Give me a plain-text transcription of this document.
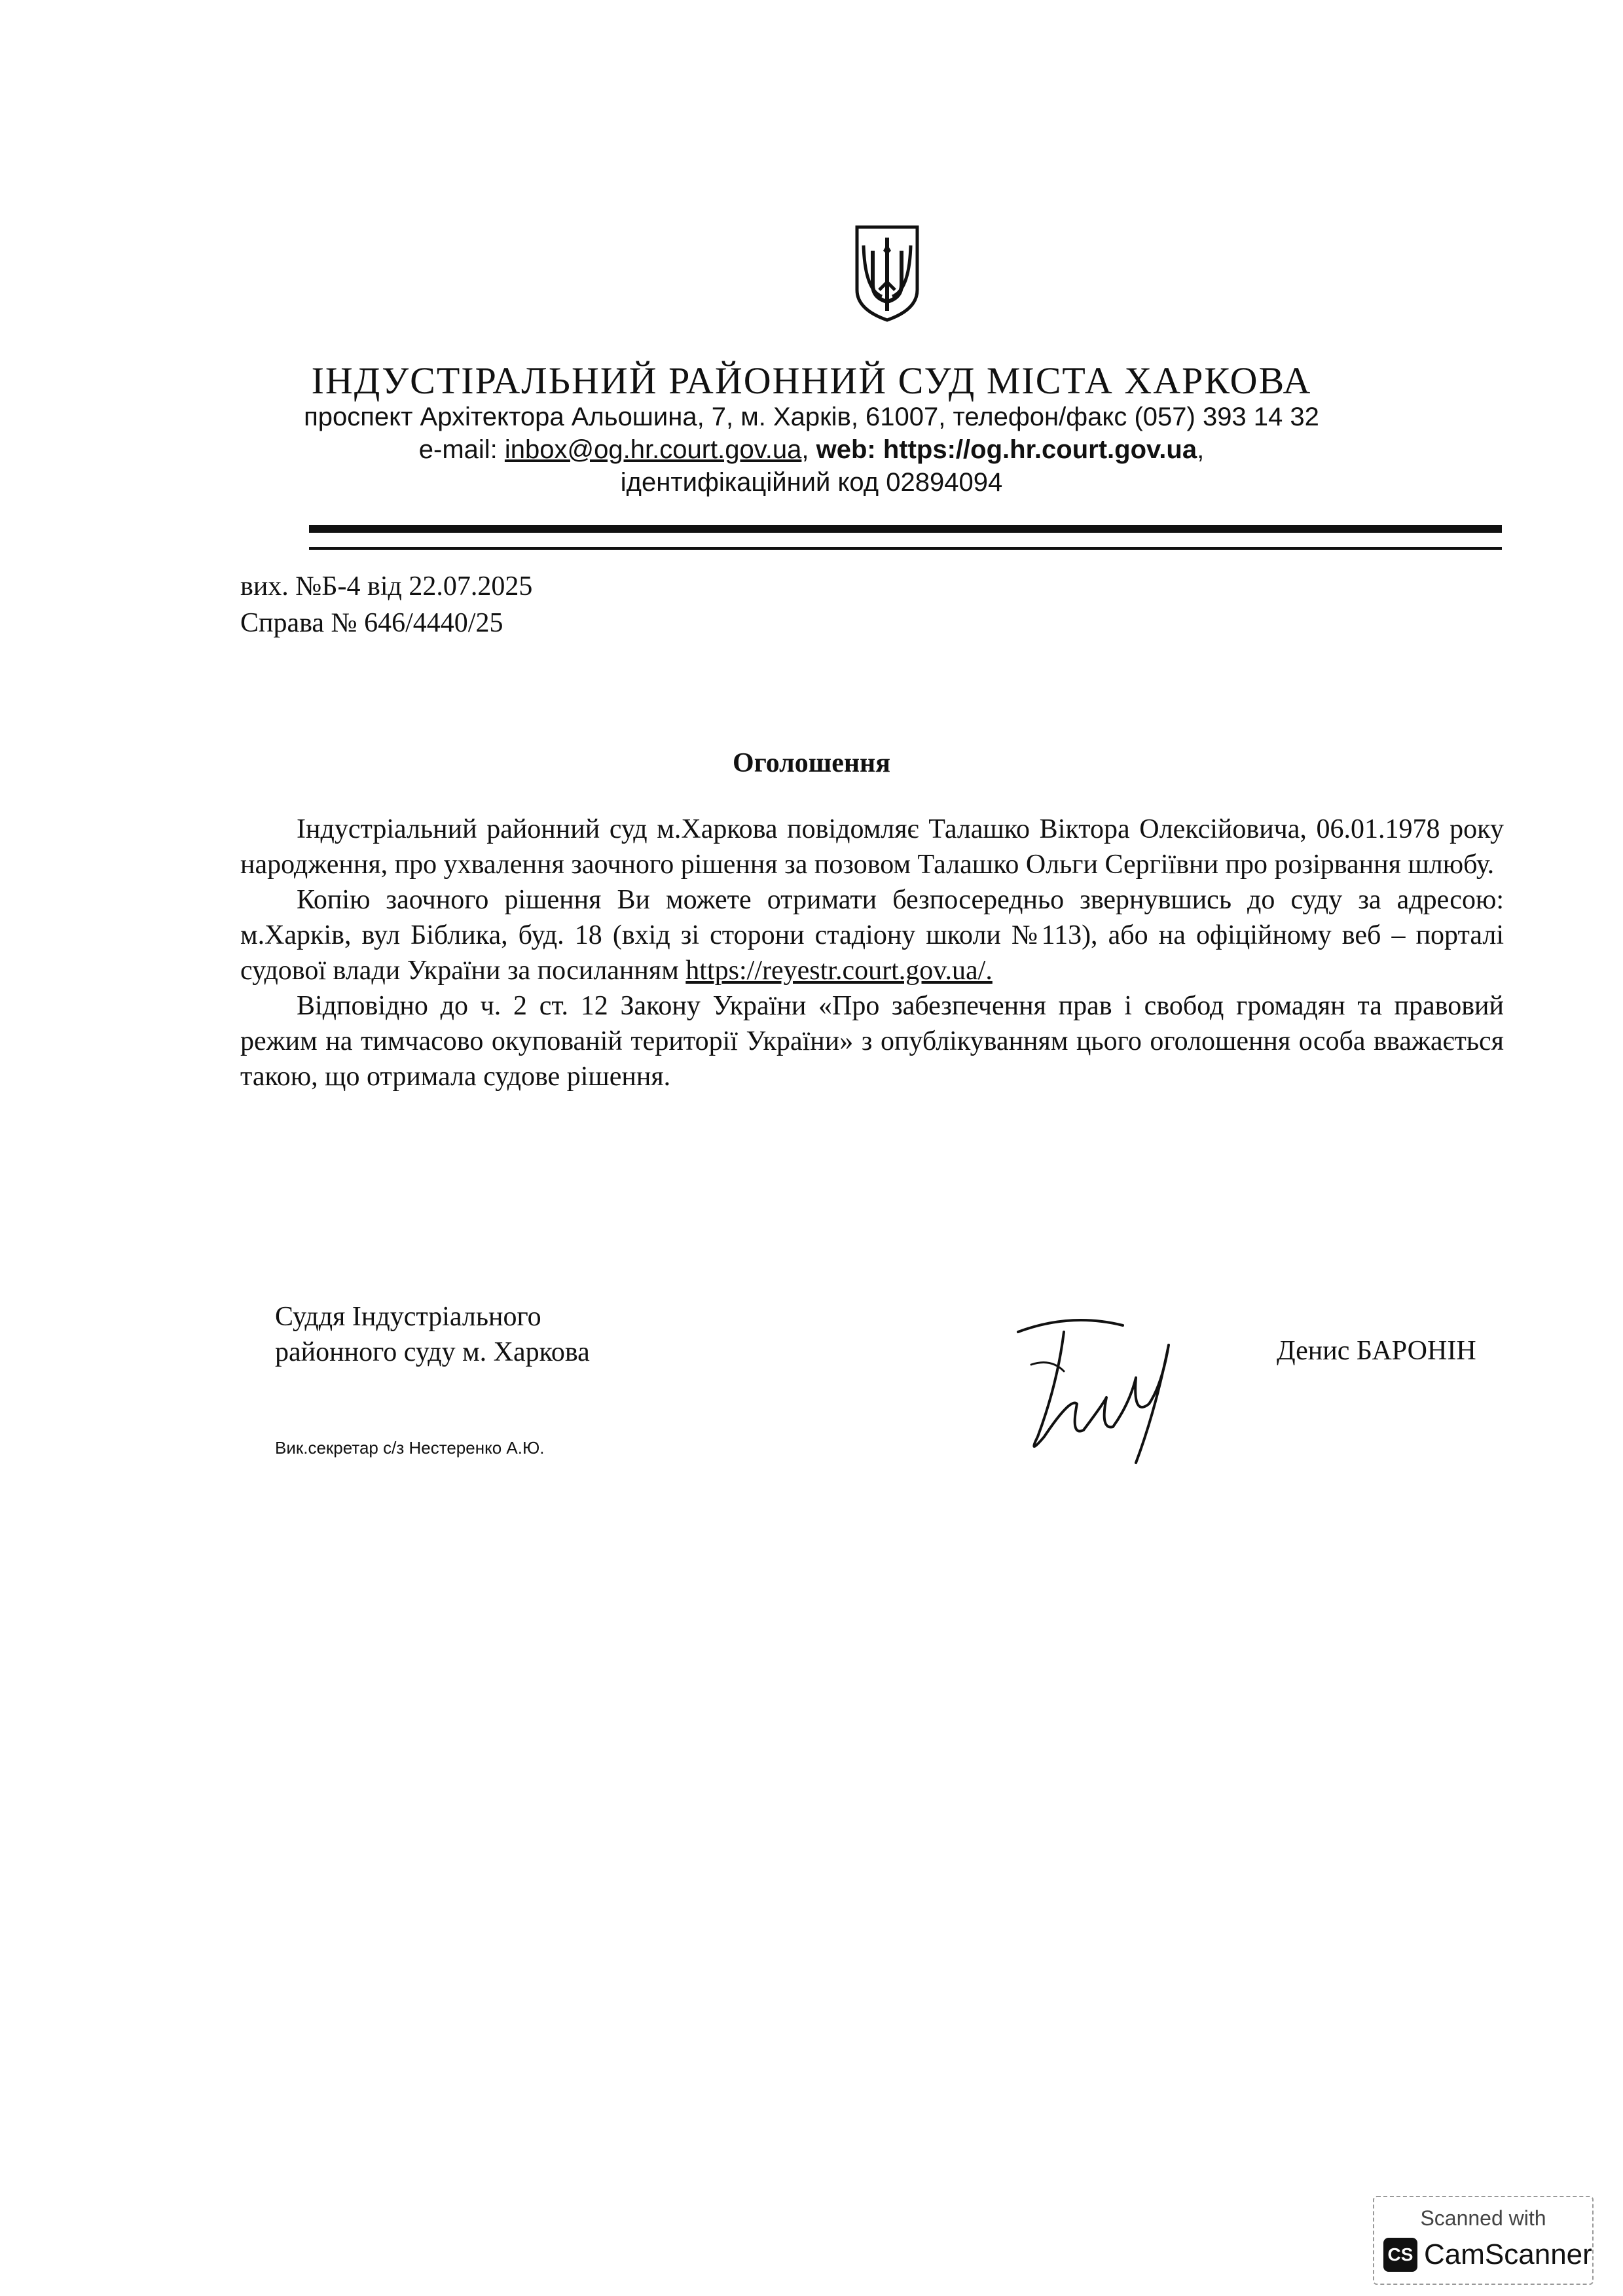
ІНДУСТІРАЛЬНИЙ РАЙОННИЙ СУД МІСТА ХАРКОВА
проспект Архітектора Альошина, 7, м. Харків, 61007, телефон/факс (057) 393 14 32
e-mail: inbox@og.hr.court.gov.ua, web: https://og.hr.court.gov.ua,
ідентифікаційний код 02894094
вих. №Б-4 від 22.07.2025
Справа № 646/4440/25
Оголошення

Індустріальний районний суд м.Харкова повідомляє Талашко Віктора Олексійовича, 06.01.1978 року народження, про ухвалення заочного рішення за позовом Талашко Ольги Сергіївни про розірвання шлюбу.

Копію заочного рішення Ви можете отримати безпосередньо звернувшись до суду за адресою: м.Харків, вул Біблика, буд. 18 (вхід зі сторони стадіону школи №113), або на офіційному веб – порталі судової влади України за посиланням https://reyestr.court.gov.ua/.

Відповідно до ч. 2 ст. 12 Закону України «Про забезпечення прав і свобод громадян та правовий режим на тимчасово окупованій території України» з опублікуванням цього оголошення особа вважається такою, що отримала судове рішення.

Суддя Індустріального
районного суду м. Харкова	Денис БАРОНІН
Вик.секретар с/з Нестеренко А.Ю.
Scanned with
CS CamScanner
